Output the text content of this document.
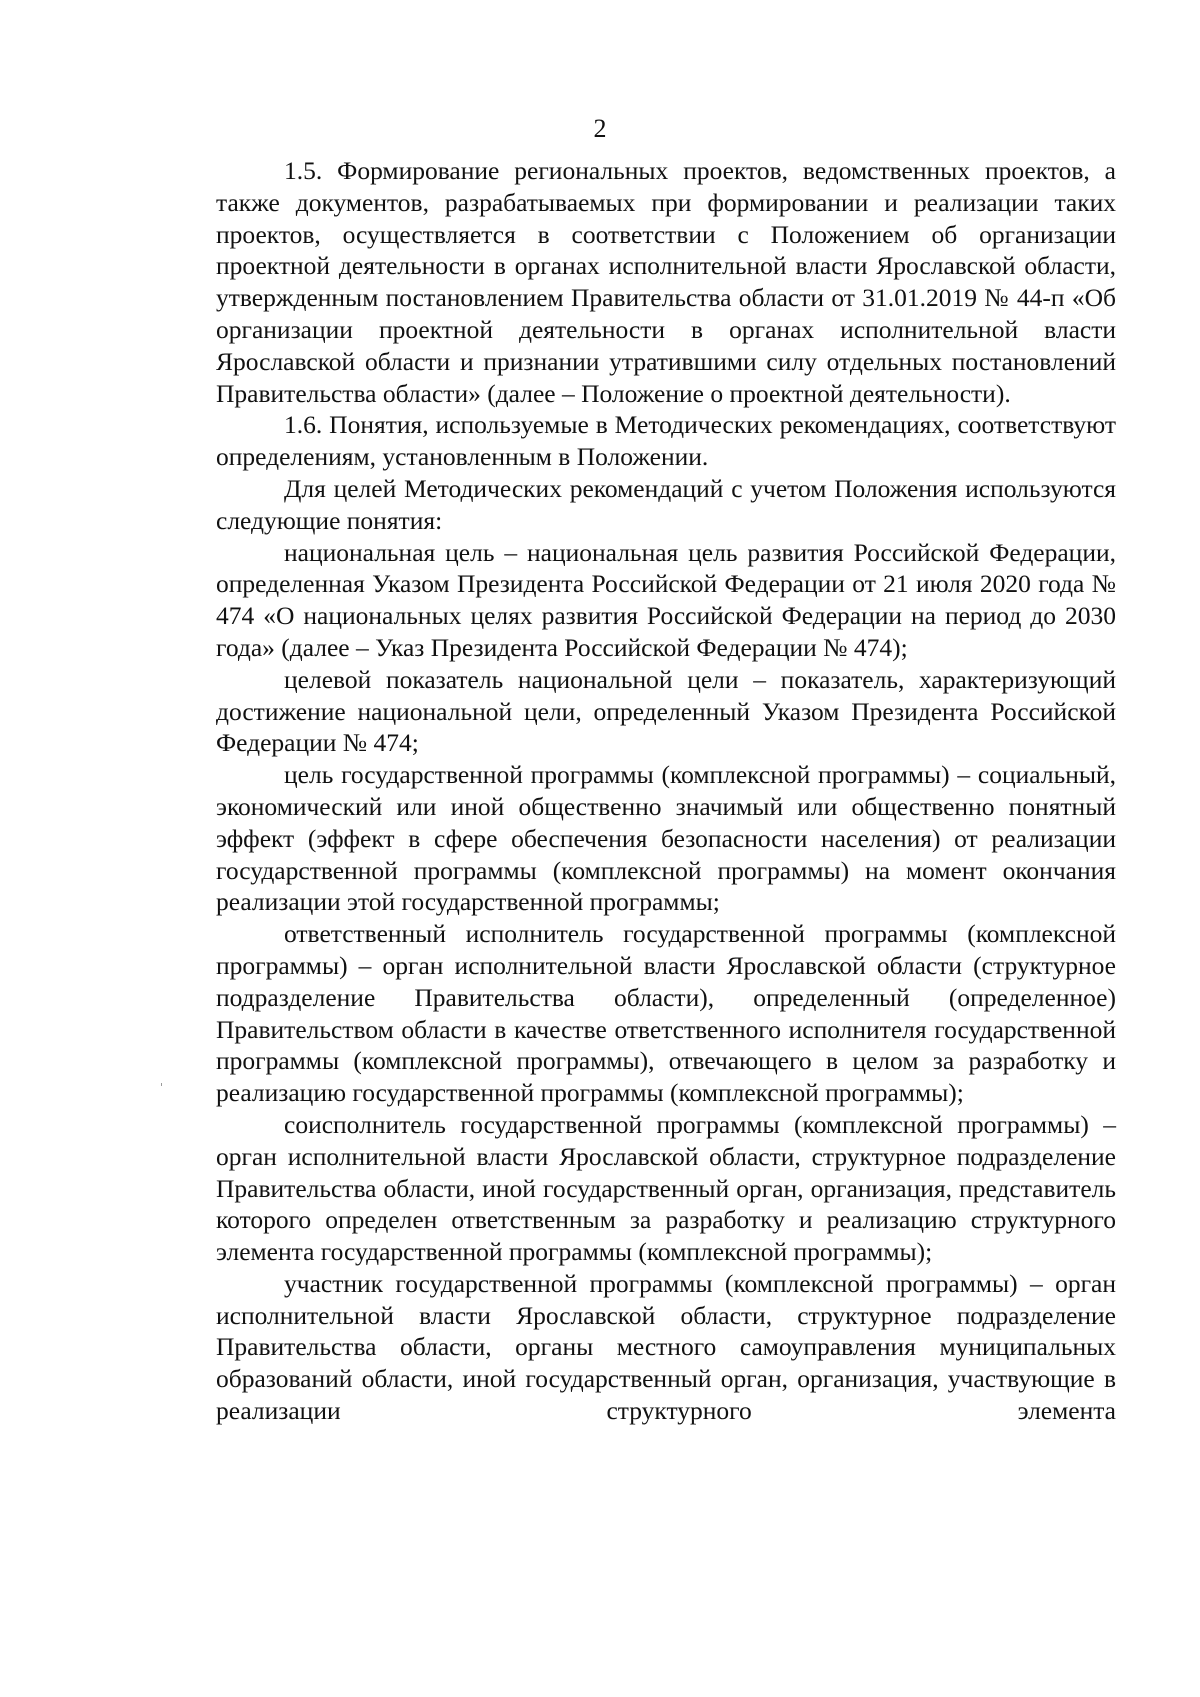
2

1.5. Формирование региональных проектов, ведомственных проектов, а также документов, разрабатываемых при формировании и реализации таких проектов, осуществляется в соответствии с Положением об организации проектной деятельности в органах исполнительной власти Ярославской области, утвержденным постановлением Правительства области от 31.01.2019 № 44-п «Об организации проектной деятельности в органах исполнительной власти Ярославской области и признании утратившими силу отдельных постановлений Правительства области» (далее – Положение о проектной деятельности).

1.6. Понятия, используемые в Методических рекомендациях, соответствуют определениям, установленным в Положении.

Для целей Методических рекомендаций с учетом Положения используются следующие понятия:

национальная цель – национальная цель развития Российской Федерации, определенная Указом Президента Российской Федерации от 21 июля 2020 года № 474 «О национальных целях развития Российской Федерации на период до 2030 года» (далее – Указ Президента Российской Федерации № 474);

целевой показатель национальной цели – показатель, характеризующий достижение национальной цели, определенный Указом Президента Российской Федерации № 474;

цель государственной программы (комплексной программы) – социальный, экономический или иной общественно значимый или общественно понятный эффект (эффект в сфере обеспечения безопасности населения) от реализации государственной программы (комплексной программы) на момент окончания реализации этой государственной программы;

ответственный исполнитель государственной программы (комплексной программы) – орган исполнительной власти Ярославской области (структурное подразделение Правительства области), определенный (определенное) Правительством области в качестве ответственного исполнителя государственной программы (комплексной программы), отвечающего в целом за разработку и реализацию государственной программы (комплексной программы);

соисполнитель государственной программы (комплексной программы) – орган исполнительной власти Ярославской области, структурное подразделение Правительства области, иной государственный орган, организация, представитель которого определен ответственным за разработку и реализацию структурного элемента государственной программы (комплексной программы);

участник государственной программы (комплексной программы) – орган исполнительной власти Ярославской области, структурное подразделение Правительства области, органы местного самоуправления муниципальных образований области, иной государственный орган, организация, участвующие в реализации структурного элемента
